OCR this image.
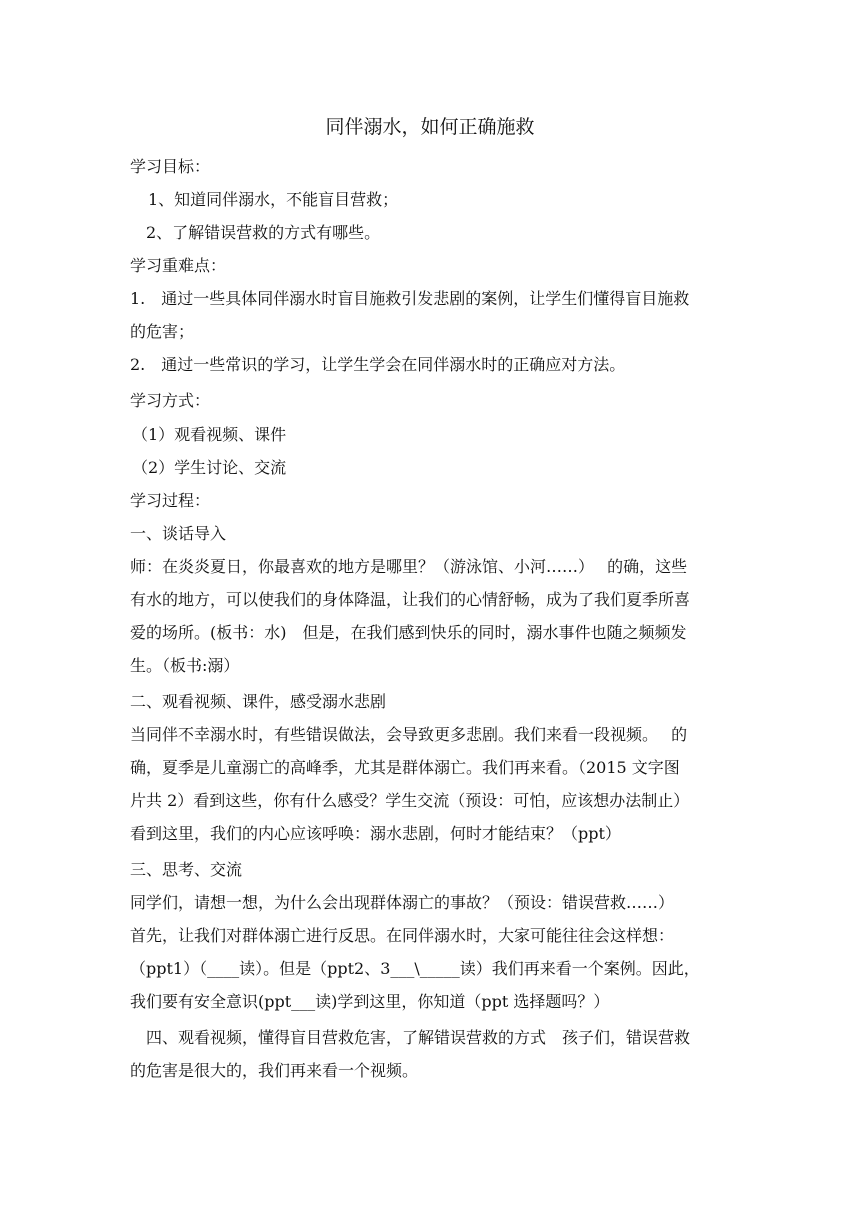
同伴溺水，如何正确施救
学习目标：
1、知道同伴溺水，不能盲目营救；
2、了解错误营救的方式有哪些。
学习重难点：
1.　通过一些具体同伴溺水时盲目施救引发悲剧的案例，让学生们懂得盲目施救
的危害；
2.　通过一些常识的学习，让学生学会在同伴溺水时的正确应对方法。
学习方式：
（1）观看视频、课件
（2）学生讨论、交流
学习过程：
一、谈话导入
师：在炎炎夏日，你最喜欢的地方是哪里？（游泳馆、小河……）　 的确，这些
有水的地方，可以使我们的身体降温，让我们的心情舒畅，成为了我们夏季所喜
爱的场所。(板书：水)　但是，在我们感到快乐的同时，溺水事件也随之频频发
生。（板书:溺）
二、观看视频、课件，感受溺水悲剧
当同伴不幸溺水时，有些错误做法，会导致更多悲剧。我们来看一段视频。　 的
确，夏季是儿童溺亡的高峰季，尤其是群体溺亡。我们再来看。（2015 文字图
片共 2）看到这些，你有什么感受？学生交流（预设：可怕，应该想办法制止）
看到这里，我们的内心应该呼唤：溺水悲剧，何时才能结束？（ppt）
三、思考、交流
同学们，请想一想，为什么会出现群体溺亡的事故？（预设：错误营救……）
首先，让我们对群体溺亡进行反思。在同伴溺水时，大家可能往往会这样想：
（ppt1）（____读）。但是（ppt2、3___\_____读）我们再来看一个案例。因此，
我们要有安全意识(ppt___读)学到这里，你知道（ppt 选择题吗？）
四、观看视频，懂得盲目营救危害，了解错误营救的方式　孩子们，错误营救
的危害是很大的，我们再来看一个视频。
